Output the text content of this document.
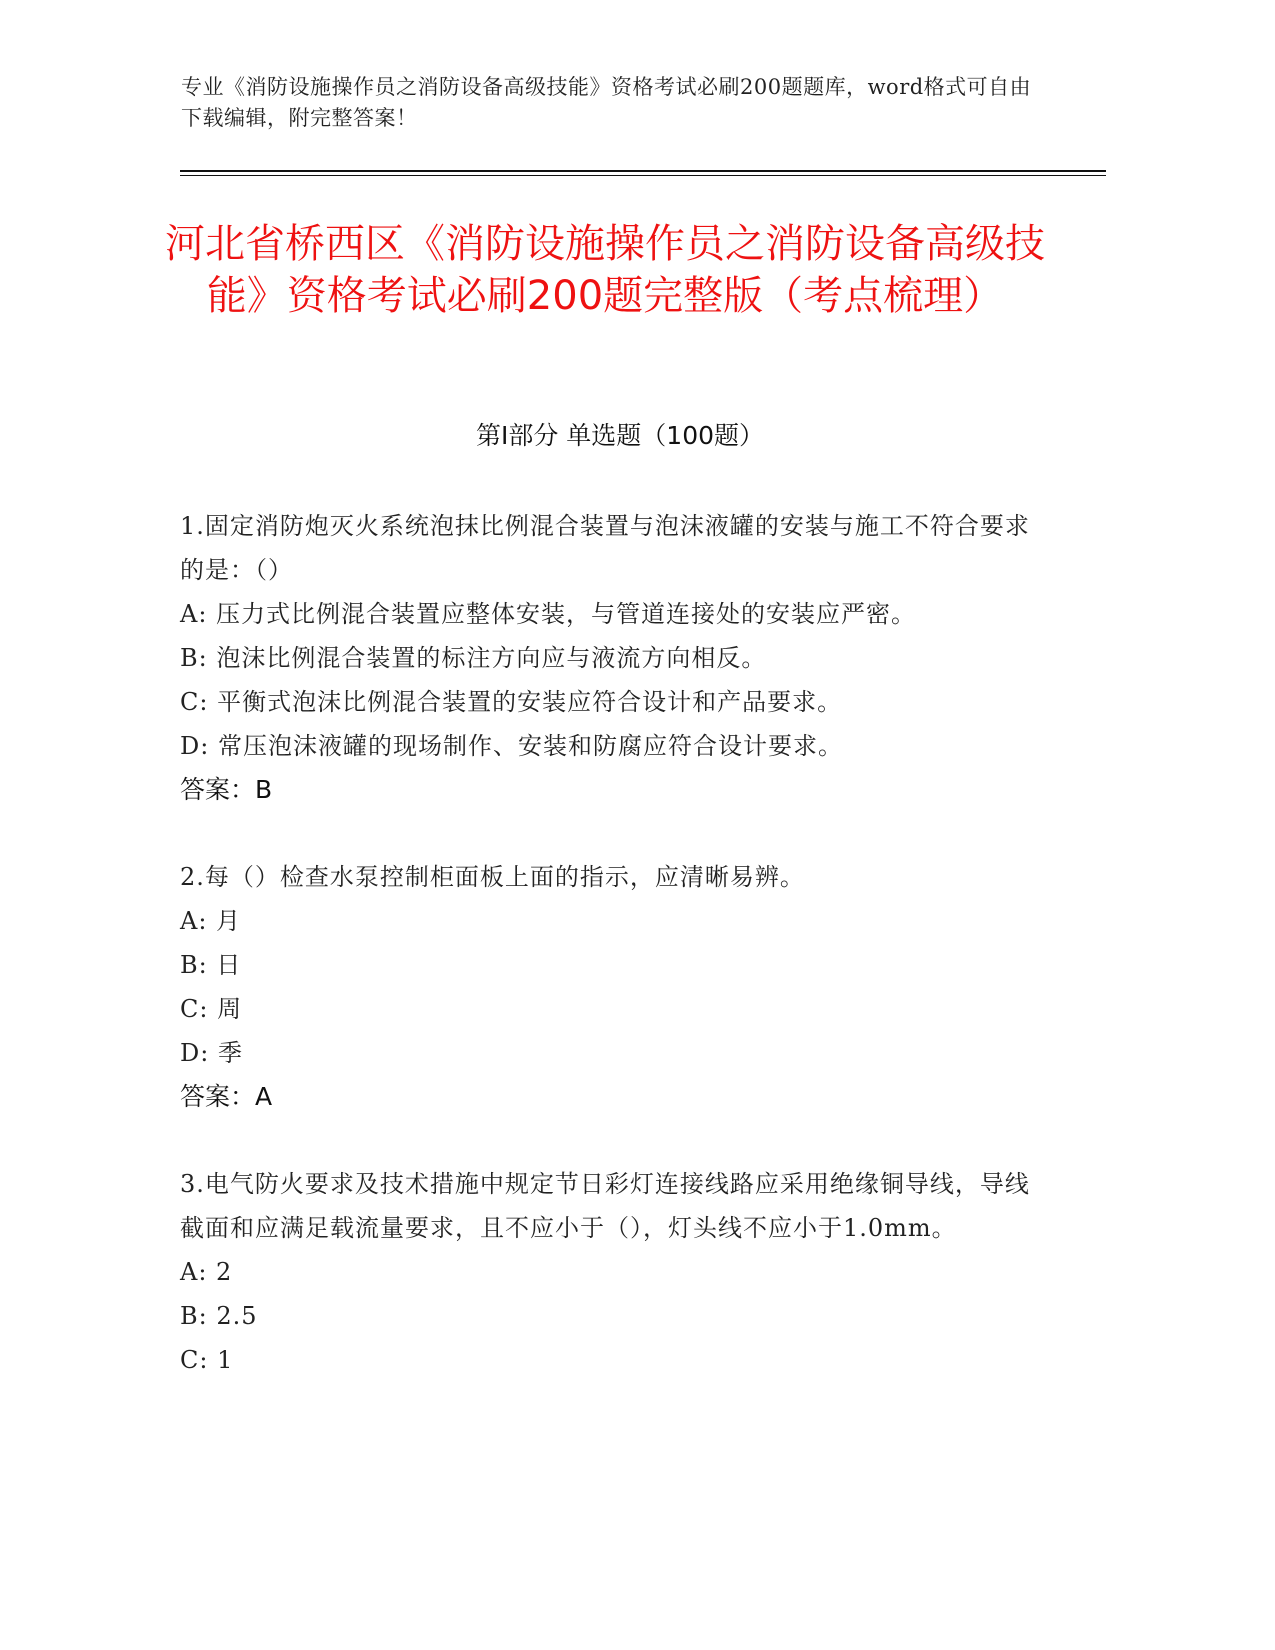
专业《消防设施操作员之消防设备高级技能》资格考试必刷200题题库，word格式可自由下载编辑，附完整答案！
河北省桥西区《消防设施操作员之消防设备高级技能》资格考试必刷200题完整版（考点梳理）
第I部分 单选题（100题）
1.固定消防炮灭火系统泡抹比例混合装置与泡沫液罐的安装与施工不符合要求的是：（）
A: 压力式比例混合装置应整体安装，与管道连接处的安装应严密。
B: 泡沫比例混合装置的标注方向应与液流方向相反。
C: 平衡式泡沫比例混合装置的安装应符合设计和产品要求。
D: 常压泡沫液罐的现场制作、安装和防腐应符合设计要求。
答案：B
2.每（）检查水泵控制柜面板上面的指示，应清晰易辨。
A: 月
B: 日
C: 周
D: 季
答案：A
3.电气防火要求及技术措施中规定节日彩灯连接线路应采用绝缘铜导线，导线截面和应满足载流量要求，且不应小于（），灯头线不应小于1.0mm。
A: 2
B: 2.5
C: 1
